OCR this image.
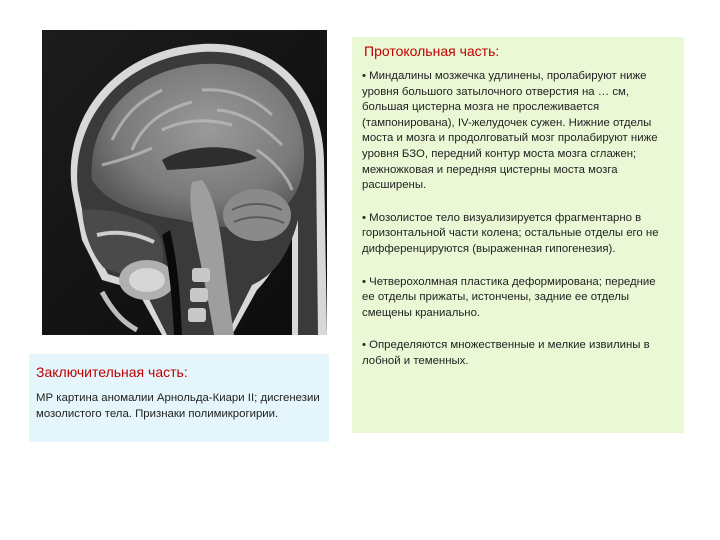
Протокольная часть:

• Миндалины мозжечка удлинены, пролабируют ниже уровня большого затылочного отверстия на … см, большая цистерна мозга не прослеживается (тампонирована), IV-желудочек сужен. Нижние отделы моста и мозга и продолговатый мозг пролабируют ниже уровня БЗО, передний контур моста мозга сглажен; межножковая и передняя цистерны моста мозга расширены.

• Мозолистое тело визуализируется фрагментарно в горизонтальной части колена; остальные отделы его не дифференцируются (выраженная гипогенезия).

• Четверохолмная пластика деформирована; передние ее отделы прижаты, истончены, задние ее отделы смещены краниально.

• Определяются множественные и мелкие извилины в лобной и теменных.

Заключительная часть:

МР картина аномалии Арнольда-Киари II; дисгенезии мозолистого тела. Признаки полимикрогирии.
